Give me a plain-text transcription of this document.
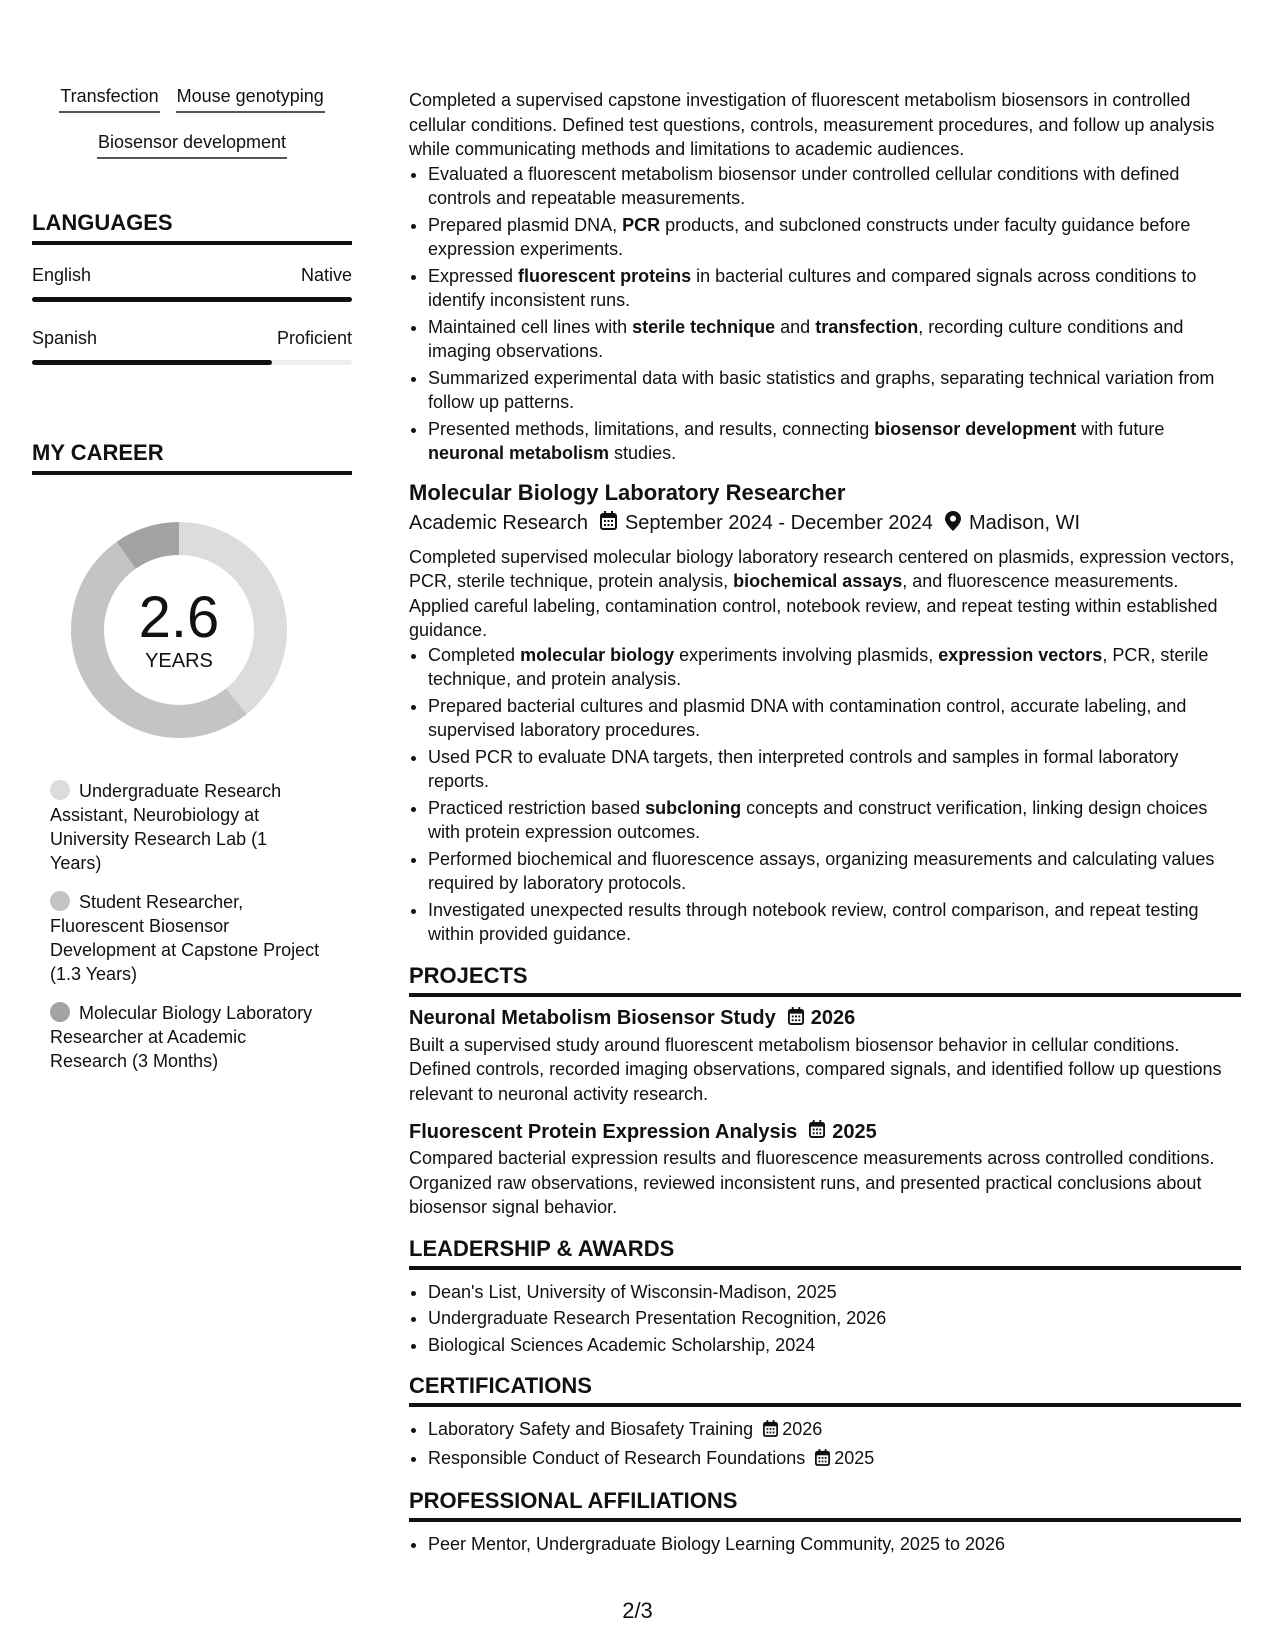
Transfection Mouse genotyping
Biosensor development
LANGUAGES
English	Native
Spanish	Proficient
MY CAREER
2.6
YEARS
Undergraduate Research Assistant, Neurobiology at University Research Lab (1 Years)
Student Researcher, Fluorescent Biosensor Development at Capstone Project (1.3 Years)
Molecular Biology Laboratory Researcher at Academic Research (3 Months)

Completed a supervised capstone investigation of fluorescent metabolism biosensors in controlled cellular conditions. Defined test questions, controls, measurement procedures, and follow up analysis while communicating methods and limitations to academic audiences.

• Evaluated a fluorescent metabolism biosensor under controlled cellular conditions with defined controls and repeatable measurements.
• Prepared plasmid DNA, PCR products, and subcloned constructs under faculty guidance before expression experiments.
• Expressed fluorescent proteins in bacterial cultures and compared signals across conditions to identify inconsistent runs.
• Maintained cell lines with sterile technique and transfection, recording culture conditions and imaging observations.
• Summarized experimental data with basic statistics and graphs, separating technical variation from follow up patterns.
• Presented methods, limitations, and results, connecting biosensor development with future neuronal metabolism studies.
Molecular Biology Laboratory Researcher
Academic Research September 2024 - December 2024 Madison, WI

Completed supervised molecular biology laboratory research centered on plasmids, expression vectors, PCR, sterile technique, protein analysis, biochemical assays, and fluorescence measurements. Applied careful labeling, contamination control, notebook review, and repeat testing within established guidance.

• Completed molecular biology experiments involving plasmids, expression vectors, PCR, sterile technique, and protein analysis.
• Prepared bacterial cultures and plasmid DNA with contamination control, accurate labeling, and supervised laboratory procedures.
• Used PCR to evaluate DNA targets, then interpreted controls and samples in formal laboratory reports.
• Practiced restriction based subcloning concepts and construct verification, linking design choices with protein expression outcomes.
• Performed biochemical and fluorescence assays, organizing measurements and calculating values required by laboratory protocols.
• Investigated unexpected results through notebook review, control comparison, and repeat testing within provided guidance.
PROJECTS
Neuronal Metabolism Biosensor Study 2026

Built a supervised study around fluorescent metabolism biosensor behavior in cellular conditions. Defined controls, recorded imaging observations, compared signals, and identified follow up questions relevant to neuronal activity research.

Fluorescent Protein Expression Analysis 2025

Compared bacterial expression results and fluorescence measurements across controlled conditions. Organized raw observations, reviewed inconsistent runs, and presented practical conclusions about biosensor signal behavior.

LEADERSHIP & AWARDS
• Dean's List, University of Wisconsin-Madison, 2025
• Undergraduate Research Presentation Recognition, 2026
• Biological Sciences Academic Scholarship, 2024
CERTIFICATIONS
• Laboratory Safety and Biosafety Training 2026
• Responsible Conduct of Research Foundations 2025
PROFESSIONAL AFFILIATIONS
• Peer Mentor, Undergraduate Biology Learning Community, 2025 to 2026
2/3
